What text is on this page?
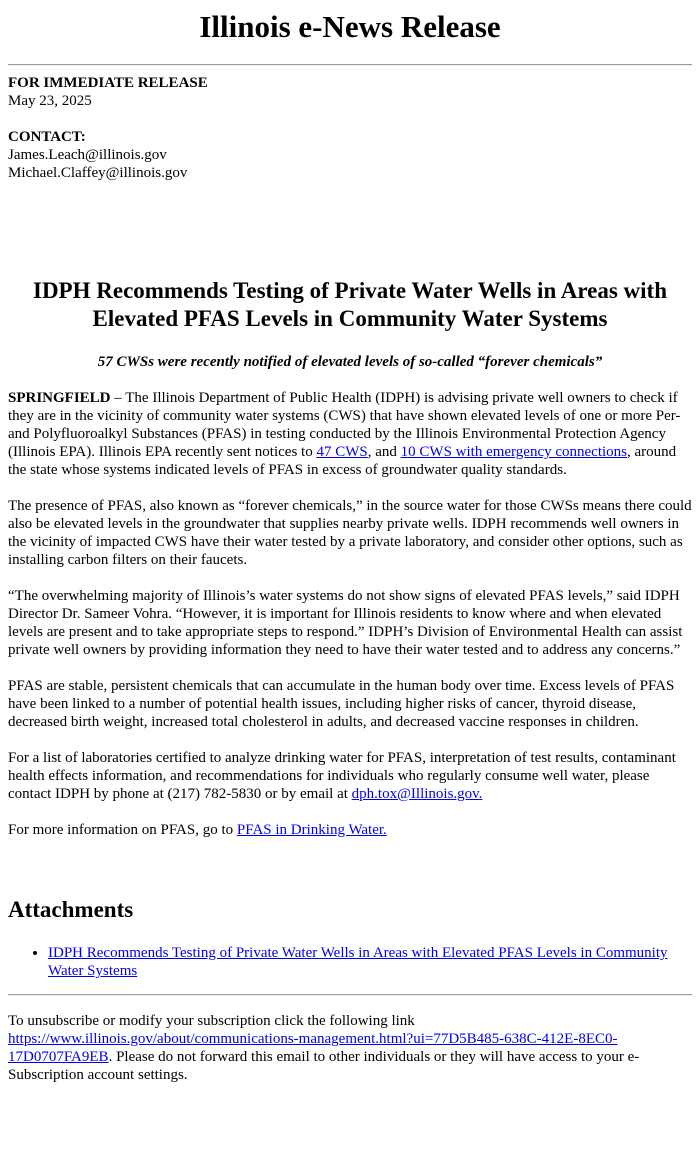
Illinois e-News Release

FOR IMMEDIATE RELEASE

May 23, 2025

CONTACT:

James.Leach@illinois.gov

Michael.Claffey@illinois.gov

IDPH Recommends Testing of Private Water Wells in Areas with Elevated PFAS Levels in Community Water Systems

57 CWSs were recently notified of elevated levels of so-called “forever chemicals”

SPRINGFIELD – The Illinois Department of Public Health (IDPH) is advising private well owners to check if they are in the vicinity of community water systems (CWS) that have shown elevated levels of one or more Per- and Polyfluoroalkyl Substances (PFAS) in testing conducted by the Illinois Environmental Protection Agency (Illinois EPA). Illinois EPA recently sent notices to 47 CWS, and 10 CWS with emergency connections, around the state whose systems indicated levels of PFAS in excess of groundwater quality standards.

The presence of PFAS, also known as “forever chemicals,” in the source water for those CWSs means there could also be elevated levels in the groundwater that supplies nearby private wells. IDPH recommends well owners in the vicinity of impacted CWS have their water tested by a private laboratory, and consider other options, such as installing carbon filters on their faucets.

“The overwhelming majority of Illinois’s water systems do not show signs of elevated PFAS levels,” said IDPH Director Dr. Sameer Vohra. “However, it is important for Illinois residents to know where and when elevated levels are present and to take appropriate steps to respond.” IDPH’s Division of Environmental Health can assist private well owners by providing information they need to have their water tested and to address any concerns.”

PFAS are stable, persistent chemicals that can accumulate in the human body over time. Excess levels of PFAS have been linked to a number of potential health issues, including higher risks of cancer, thyroid disease, decreased birth weight, increased total cholesterol in adults, and decreased vaccine responses in children.

For a list of laboratories certified to analyze drinking water for PFAS, interpretation of test results, contaminant health effects information, and recommendations for individuals who regularly consume well water, please contact IDPH by phone at (217) 782-5830 or by email at dph.tox@Illinois.gov.

For more information on PFAS, go to PFAS in Drinking Water.

Attachments
• IDPH Recommends Testing of Private Water Wells in Areas with Elevated PFAS Levels in Community Water Systems

To unsubscribe or modify your subscription click the following link
https://www.illinois.gov/about/communications-management.html?ui=77D5B485-638C-412E-8EC0-17D0707FA9EB. Please do not forward this email to other individuals or they will have access to your e-Subscription account settings.
